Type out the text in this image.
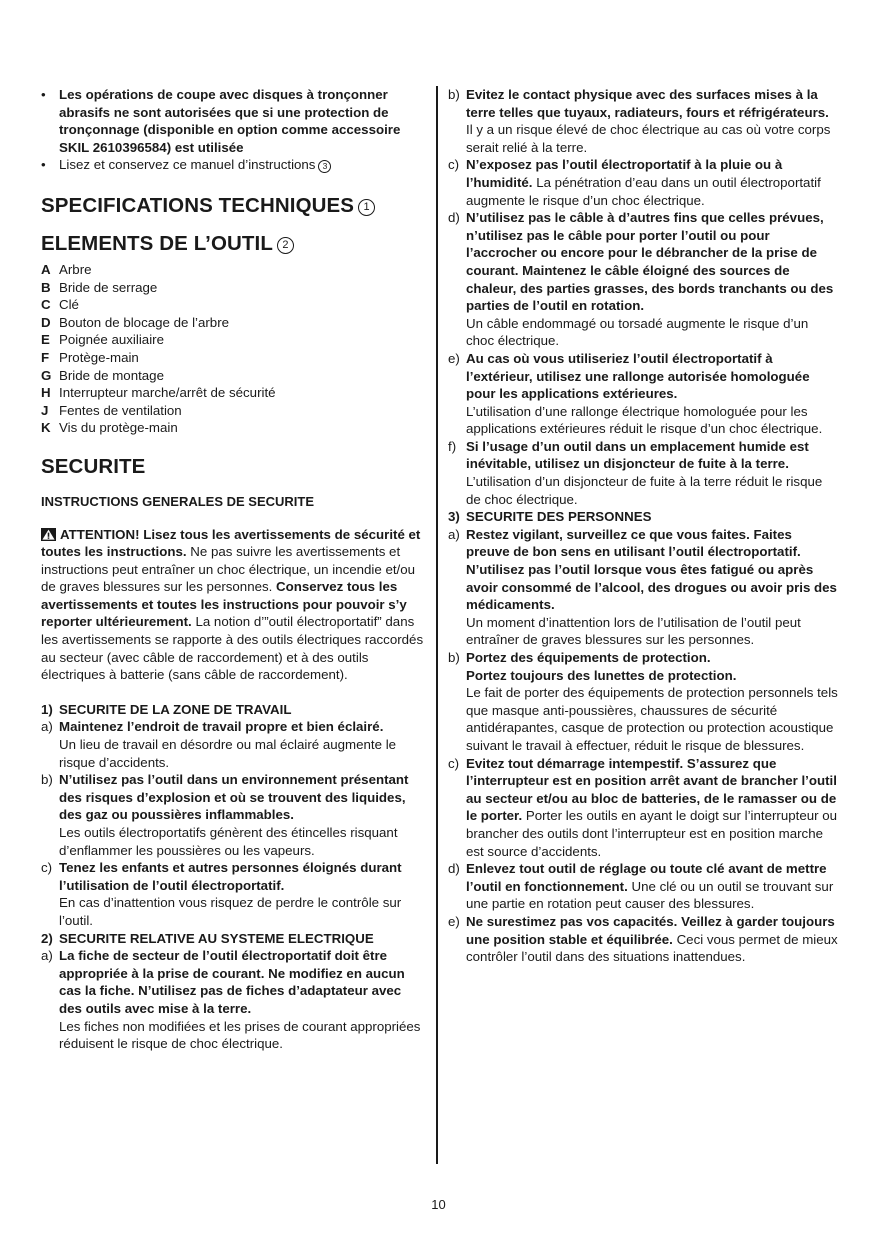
• Les opérations de coupe avec disques à tronçonner abrasifs ne sont autorisées que si une protection de tronçonnage (disponible en option comme accessoire SKIL 2610396584) est utilisée
• Lisez et conservez ce manuel d’instructions 3
SPECIFICATIONS TECHNIQUES 1
ELEMENTS DE L’OUTIL 2
A Arbre
B Bride de serrage
C Clé
D Bouton de blocage de l’arbre
E Poignée auxiliaire
F Protège-main
G Bride de montage
H Interrupteur marche/arrêt de sécurité
J Fentes de ventilation
K Vis du protège-main
SECURITE
INSTRUCTIONS GENERALES DE SECURITE

ATTENTION! Lisez tous les avertissements de sécurité et toutes les instructions. Ne pas suivre les avertissements et instructions peut entraîner un choc électrique, un incendie et/ou de graves blessures sur les personnes. Conservez tous les avertissements et toutes les instructions pour pouvoir s’y reporter ultérieurement. La notion d’”outil électroportatif” dans les avertissements se rapporte à des outils électriques raccordés au secteur (avec câble de raccordement) et à des outils électriques à batterie (sans câble de raccordement).

1) SECURITE DE LA ZONE DE TRAVAIL
a) Maintenez l’endroit de travail propre et bien éclairé.
Un lieu de travail en désordre ou mal éclairé augmente le risque d’accidents.
b) N’utilisez pas l’outil dans un environnement présentant des risques d’explosion et où se trouvent des liquides, des gaz ou poussières inflammables.
Les outils électroportatifs génèrent des étincelles risquant d’enflammer les poussières ou les vapeurs.
c) Tenez les enfants et autres personnes éloignés durant l’utilisation de l’outil électroportatif.
En cas d’inattention vous risquez de perdre le contrôle sur l’outil.
2) SECURITE RELATIVE AU SYSTEME ELECTRIQUE
a) La fiche de secteur de l’outil électroportatif doit être appropriée à la prise de courant. Ne modifiez en aucun cas la fiche. N’utilisez pas de fiches d’adaptateur avec des outils avec mise à la terre.
Les fiches non modifiées et les prises de courant appropriées réduisent le risque de choc électrique.
b) Evitez le contact physique avec des surfaces mises à la terre telles que tuyaux, radiateurs, fours et réfrigérateurs. Il y a un risque élevé de choc électrique au cas où votre corps serait relié à la terre.
c) N’exposez pas l’outil électroportatif à la pluie ou à l’humidité. La pénétration d’eau dans un outil électroportatif augmente le risque d’un choc électrique.
d) N’utilisez pas le câble à d’autres fins que celles prévues, n’utilisez pas le câble pour porter l’outil ou pour l’accrocher ou encore pour le débrancher de la prise de courant. Maintenez le câble éloigné des sources de chaleur, des parties grasses, des bords tranchants ou des parties de l’outil en rotation.
Un câble endommagé ou torsadé augmente le risque d’un choc électrique.
e) Au cas où vous utiliseriez l’outil électroportatif à l’extérieur, utilisez une rallonge autorisée homologuée pour les applications extérieures.
L’utilisation d’une rallonge électrique homologuée pour les applications extérieures réduit le risque d’un choc électrique.
f) Si l’usage d’un outil dans un emplacement humide est inévitable, utilisez un disjoncteur de fuite à la terre. L’utilisation d’un disjoncteur de fuite à la terre réduit le risque de choc électrique.
3) SECURITE DES PERSONNES
a) Restez vigilant, surveillez ce que vous faites. Faites preuve de bon sens en utilisant l’outil électroportatif. N’utilisez pas l’outil lorsque vous êtes fatigué ou après avoir consommé de l’alcool, des drogues ou avoir pris des médicaments.
Un moment d’inattention lors de l’utilisation de l’outil peut entraîner de graves blessures sur les personnes.
b) Portez des équipements de protection.
Portez toujours des lunettes de protection.
Le fait de porter des équipements de protection personnels tels que masque anti-poussières, chaussures de sécurité antidérapantes, casque de protection ou protection acoustique suivant le travail à effectuer, réduit le risque de blessures.
c) Evitez tout démarrage intempestif. S’assurez que l’interrupteur est en position arrêt avant de brancher l’outil au secteur et/ou au bloc de batteries, de le ramasser ou de le porter. Porter les outils en ayant le doigt sur l’interrupteur ou brancher des outils dont l’interrupteur est en position marche est source d’accidents.
d) Enlevez tout outil de réglage ou toute clé avant de mettre l’outil en fonctionnement. Une clé ou un outil se trouvant sur une partie en rotation peut causer des blessures.
e) Ne surestimez pas vos capacités. Veillez à garder toujours une position stable et équilibrée. Ceci vous permet de mieux contrôler l’outil dans des situations inattendues.
10
